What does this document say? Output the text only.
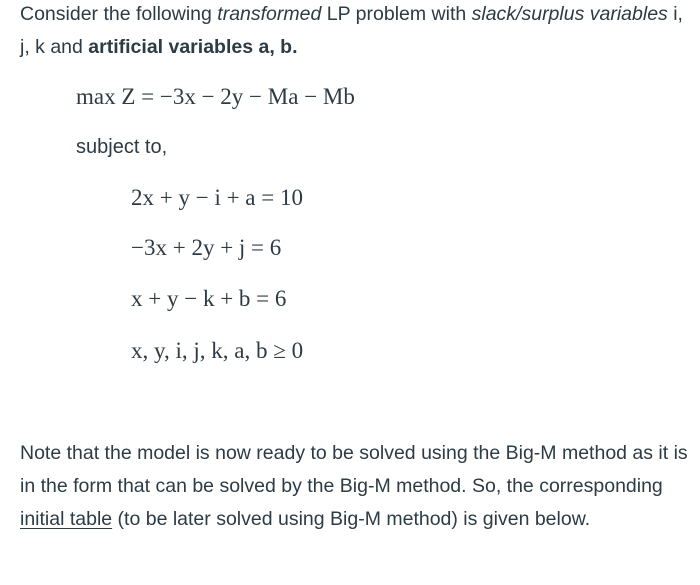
Consider the following transformed LP problem with slack/surplus variables i, j, k and artificial variables a, b.
max Z = −3x − 2y − Ma − Mb
subject to,
2x + y − i + a = 10
−3x + 2y + j = 6
x + y − k + b = 6
x, y, i, j, k, a, b ≥ 0
Note that the model is now ready to be solved using the Big-M method as it is in the form that can be solved by the Big-M method. So, the corresponding initial table (to be later solved using Big-M method) is given below.
